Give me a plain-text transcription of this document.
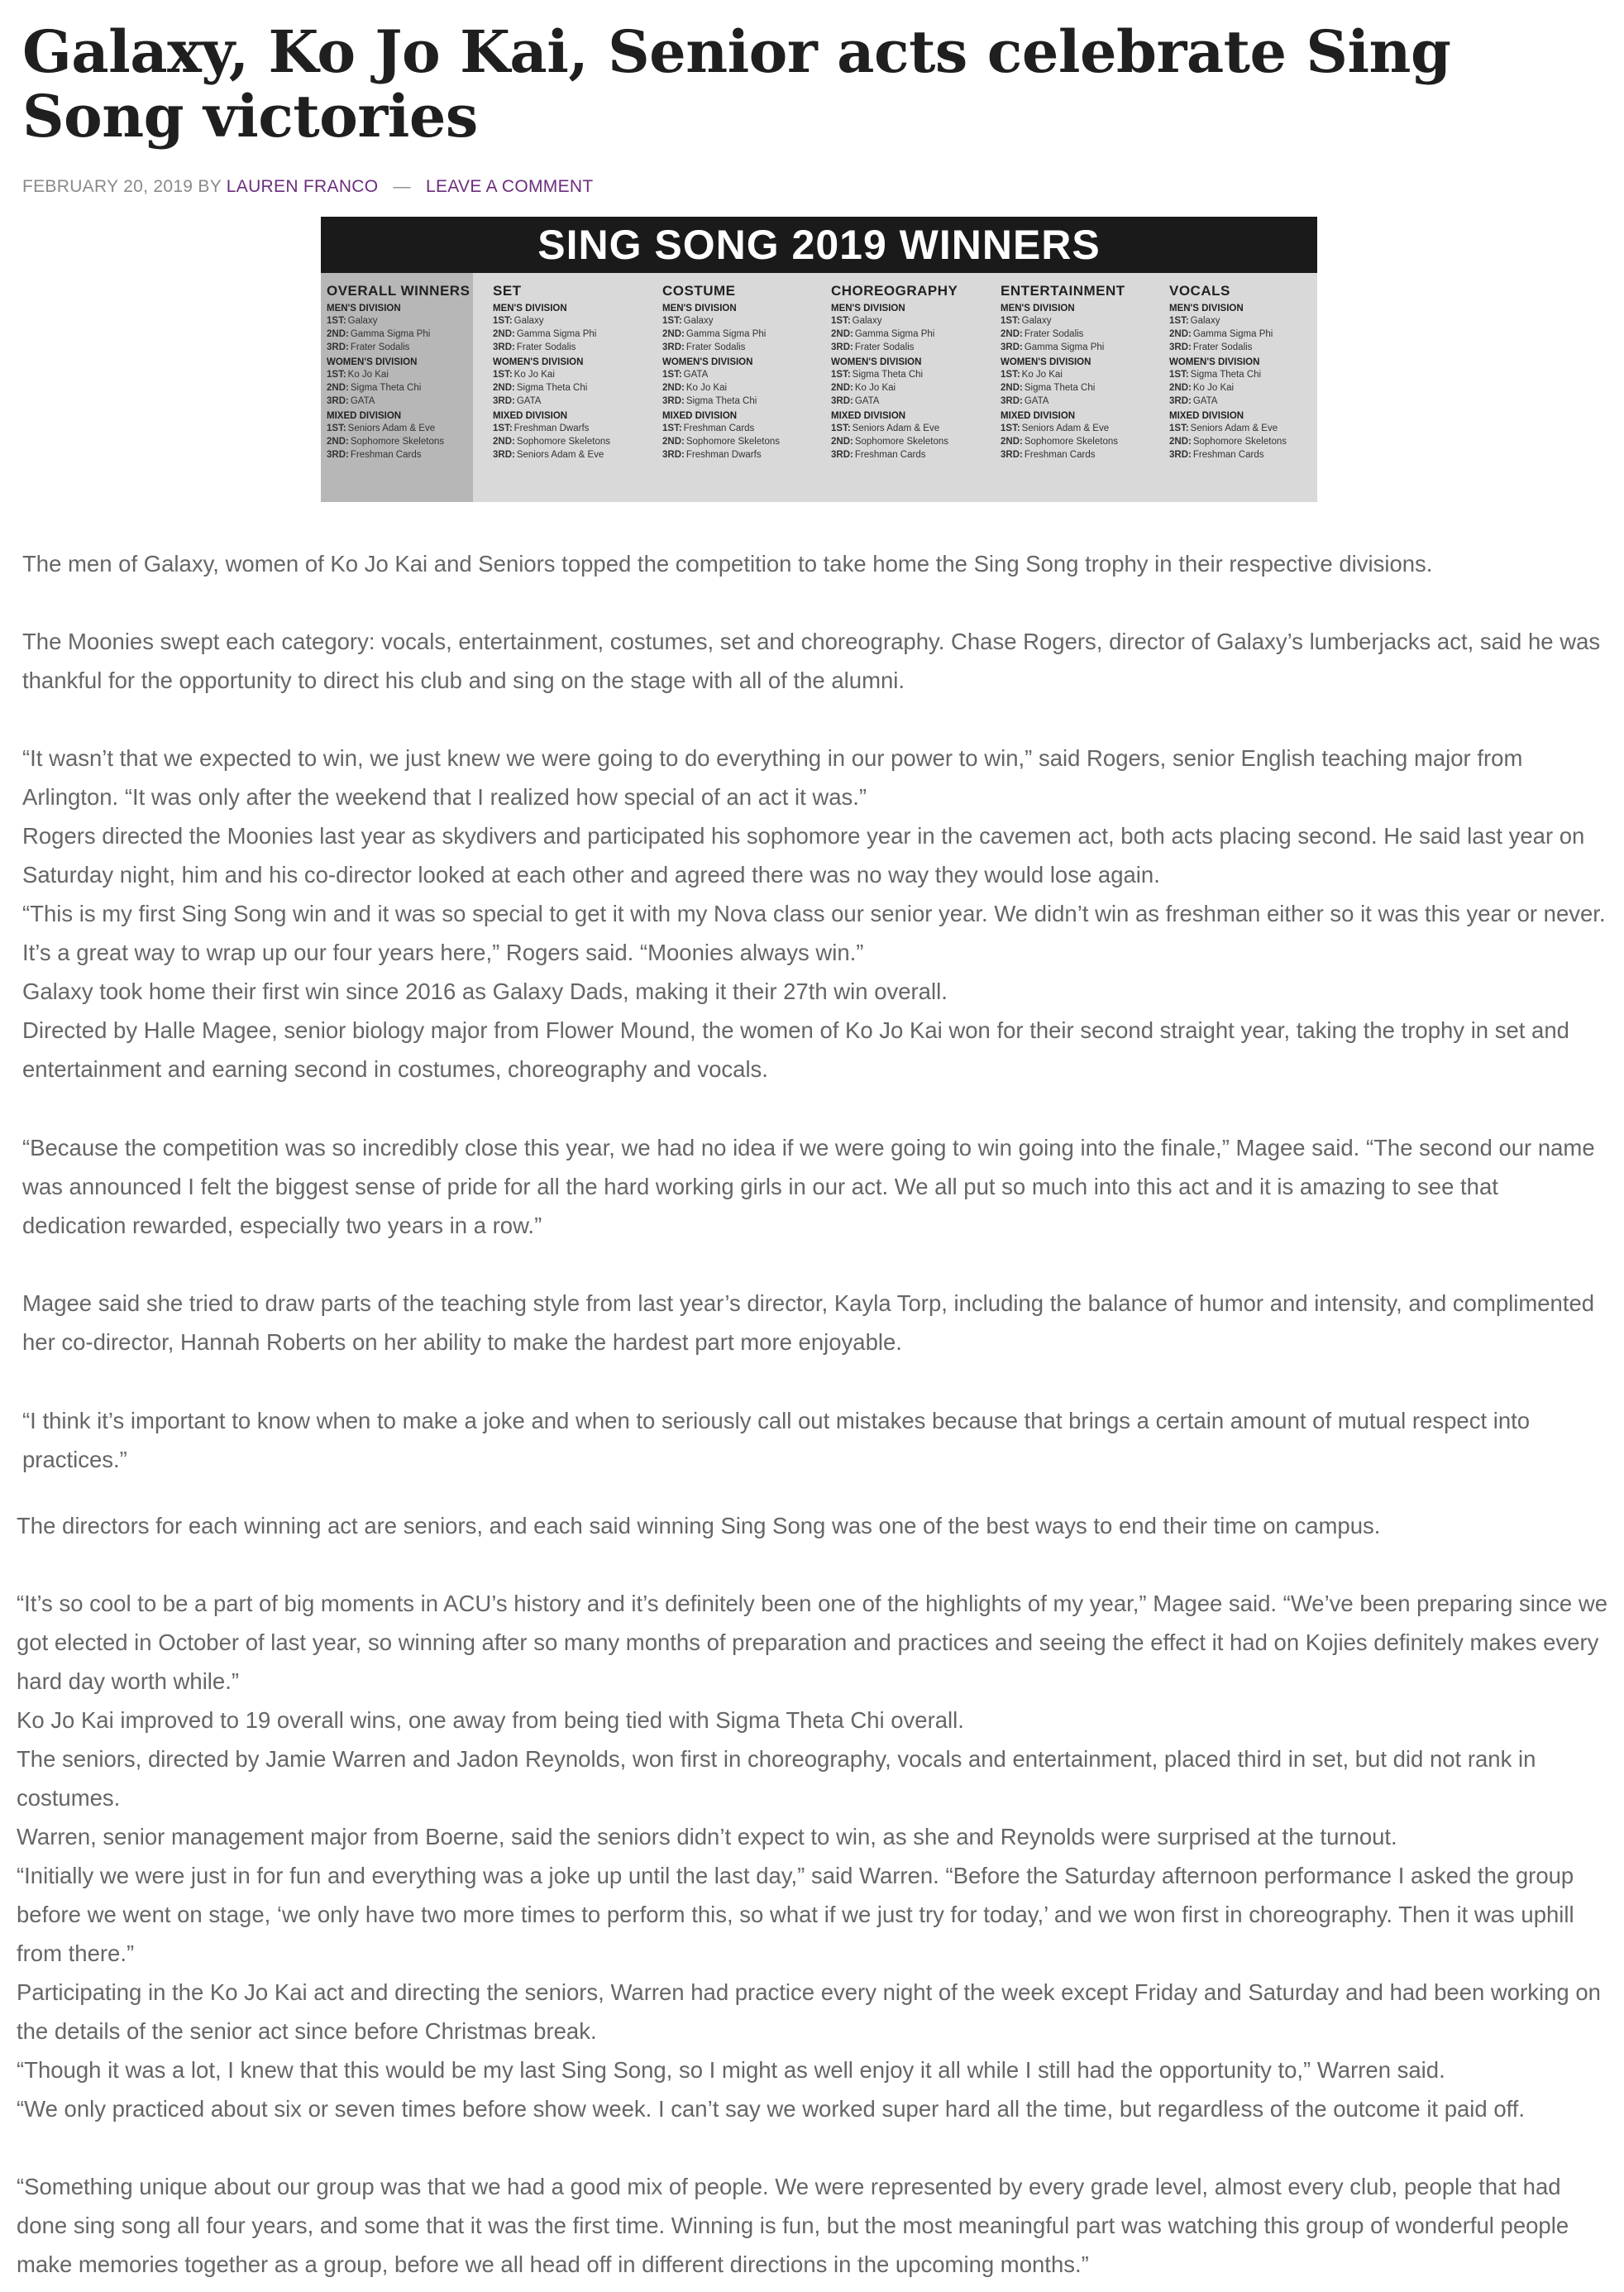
Galaxy, Ko Jo Kai, Senior acts celebrate Sing Song victories
FEBRUARY 20, 2019 BY LAUREN FRANCO — LEAVE A COMMENT
SING SONG 2019 WINNERS
OVERALL WINNERS
MEN'S DIVISION
1ST: Galaxy
2ND: Gamma Sigma Phi
3RD: Frater Sodalis
WOMEN'S DIVISION
1ST: Ko Jo Kai
2ND: Sigma Theta Chi
3RD: GATA
MIXED DIVISION
1ST: Seniors Adam & Eve
2ND: Sophomore Skeletons
3RD: Freshman Cards
SET
MEN'S DIVISION
1ST: Galaxy
2ND: Gamma Sigma Phi
3RD: Frater Sodalis
WOMEN'S DIVISION
1ST: Ko Jo Kai
2ND: Sigma Theta Chi
3RD: GATA
MIXED DIVISION
1ST: Freshman Dwarfs
2ND: Sophomore Skeletons
3RD: Seniors Adam & Eve
COSTUME
MEN'S DIVISION
1ST: Galaxy
2ND: Gamma Sigma Phi
3RD: Frater Sodalis
WOMEN'S DIVISION
1ST: GATA
2ND: Ko Jo Kai
3RD: Sigma Theta Chi
MIXED DIVISION
1ST: Freshman Cards
2ND: Sophomore Skeletons
3RD: Freshman Dwarfs
CHOREOGRAPHY
MEN'S DIVISION
1ST: Galaxy
2ND: Gamma Sigma Phi
3RD: Frater Sodalis
WOMEN'S DIVISION
1ST: Sigma Theta Chi
2ND: Ko Jo Kai
3RD: GATA
MIXED DIVISION
1ST: Seniors Adam & Eve
2ND: Sophomore Skeletons
3RD: Freshman Cards
ENTERTAINMENT
MEN'S DIVISION
1ST: Galaxy
2ND: Frater Sodalis
3RD: Gamma Sigma Phi
WOMEN'S DIVISION
1ST: Ko Jo Kai
2ND: Sigma Theta Chi
3RD: GATA
MIXED DIVISION
1ST: Seniors Adam & Eve
2ND: Sophomore Skeletons
3RD: Freshman Cards
VOCALS
MEN'S DIVISION
1ST: Galaxy
2ND: Gamma Sigma Phi
3RD: Frater Sodalis
WOMEN'S DIVISION
1ST: Sigma Theta Chi
2ND: Ko Jo Kai
3RD: GATA
MIXED DIVISION
1ST: Seniors Adam & Eve
2ND: Sophomore Skeletons
3RD: Freshman Cards

The men of Galaxy, women of Ko Jo Kai and Seniors topped the competition to take home the Sing Song trophy in their respective divisions.

The Moonies swept each category: vocals, entertainment, costumes, set and choreography. Chase Rogers, director of Galaxy’s lumberjacks act, said he was thankful for the opportunity to direct his club and sing on the stage with all of the alumni.

“It wasn’t that we expected to win, we just knew we were going to do everything in our power to win,” said Rogers, senior English teaching major from Arlington. “It was only after the weekend that I realized how special of an act it was.”

Rogers directed the Moonies last year as skydivers and participated his sophomore year in the cavemen act, both acts placing second. He said last year on Saturday night, him and his co-director looked at each other and agreed there was no way they would lose again.

“This is my first Sing Song win and it was so special to get it with my Nova class our senior year. We didn’t win as freshman either so it was this year or never. It’s a great way to wrap up our four years here,” Rogers said. “Moonies always win.”

Galaxy took home their first win since 2016 as Galaxy Dads, making it their 27th win overall.

Directed by Halle Magee, senior biology major from Flower Mound, the women of Ko Jo Kai won for their second straight year, taking the trophy in set and entertainment and earning second in costumes, choreography and vocals.

“Because the competition was so incredibly close this year, we had no idea if we were going to win going into the finale,” Magee said. “The second our name was announced I felt the biggest sense of pride for all the hard working girls in our act. We all put so much into this act and it is amazing to see that dedication rewarded, especially two years in a row.”

Magee said she tried to draw parts of the teaching style from last year’s director, Kayla Torp, including the balance of humor and intensity, and complimented her co-director, Hannah Roberts on her ability to make the hardest part more enjoyable.

“I think it’s important to know when to make a joke and when to seriously call out mistakes because that brings a certain amount of mutual respect into practices.”

The directors for each winning act are seniors, and each said winning Sing Song was one of the best ways to end their time on campus.

“It’s so cool to be a part of big moments in ACU’s history and it’s definitely been one of the highlights of my year,” Magee said. “We’ve been preparing since we got elected in October of last year, so winning after so many months of preparation and practices and seeing the effect it had on Kojies definitely makes every hard day worth while.”

Ko Jo Kai improved to 19 overall wins, one away from being tied with Sigma Theta Chi overall.

The seniors, directed by Jamie Warren and Jadon Reynolds, won first in choreography, vocals and entertainment, placed third in set, but did not rank in costumes.

Warren, senior management major from Boerne, said the seniors didn’t expect to win, as she and Reynolds were surprised at the turnout.

“Initially we were just in for fun and everything was a joke up until the last day,” said Warren. “Before the Saturday afternoon performance I asked the group before we went on stage, ‘we only have two more times to perform this, so what if we just try for today,’ and we won first in choreography. Then it was uphill from there.”

Participating in the Ko Jo Kai act and directing the seniors, Warren had practice every night of the week except Friday and Saturday and had been working on the details of the senior act since before Christmas break.

“Though it was a lot, I knew that this would be my last Sing Song, so I might as well enjoy it all while I still had the opportunity to,” Warren said.

“We only practiced about six or seven times before show week. I can’t say we worked super hard all the time, but regardless of the outcome it paid off.

“Something unique about our group was that we had a good mix of people. We were represented by every grade level, almost every club, people that had done sing song all four years, and some that it was the first time. Winning is fun, but the most meaningful part was watching this group of wonderful people make memories together as a group, before we all head off in different directions in the upcoming months.”
